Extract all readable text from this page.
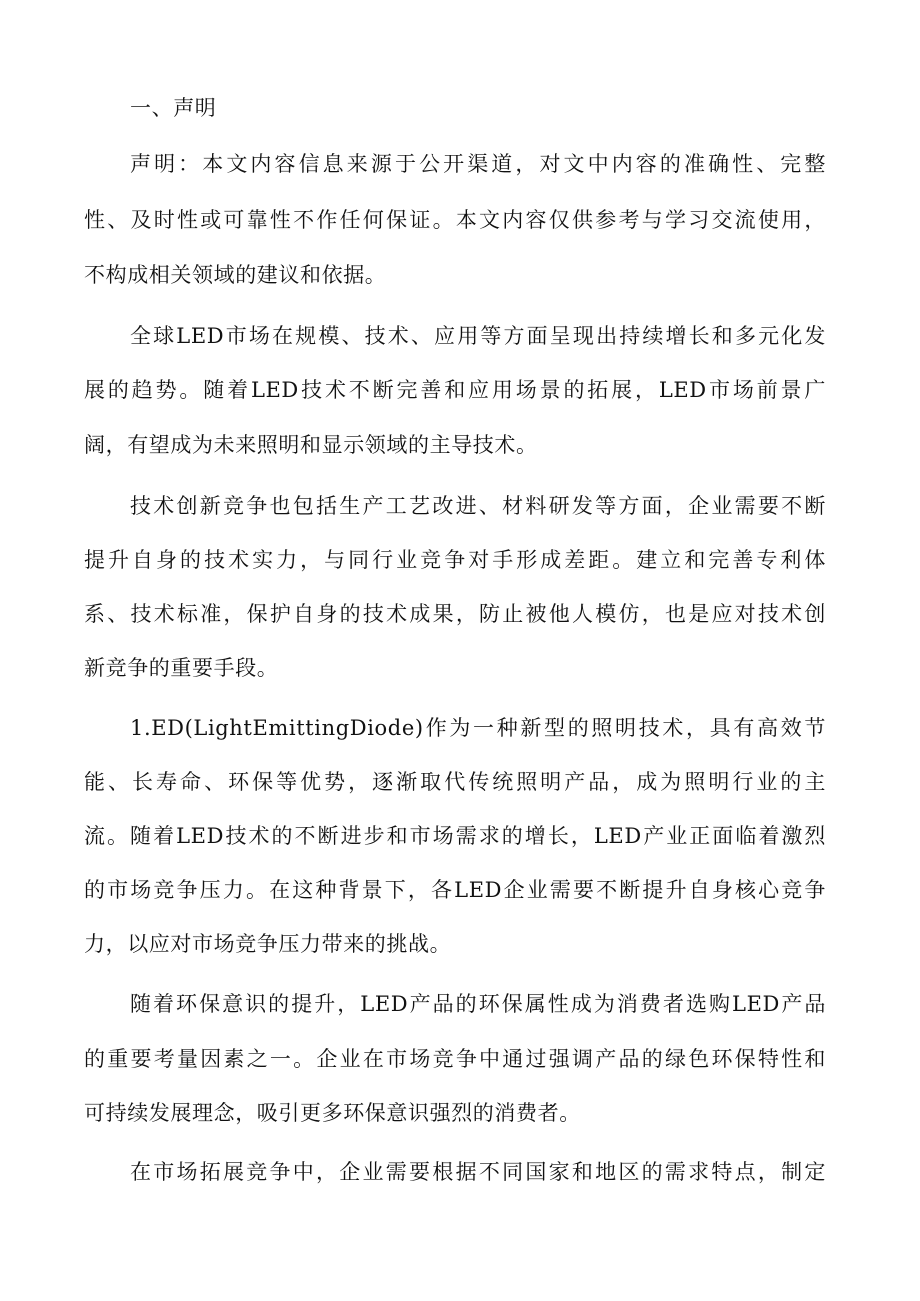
一、声明
声明：本文内容信息来源于公开渠道，对文中内容的准确性、完整
性、及时性或可靠性不作任何保证。本文内容仅供参考与学习交流使用，
不构成相关领域的建议和依据。
全球LED市场在规模、技术、应用等方面呈现出持续增长和多元化发
展的趋势。随着LED技术不断完善和应用场景的拓展，LED市场前景广
阔，有望成为未来照明和显示领域的主导技术。
技术创新竞争也包括生产工艺改进、材料研发等方面，企业需要不断
提升自身的技术实力，与同行业竞争对手形成差距。建立和完善专利体
系、技术标准，保护自身的技术成果，防止被他人模仿，也是应对技术创
新竞争的重要手段。
1.ED(LightEmittingDiode)作为一种新型的照明技术，具有高效节
能、长寿命、环保等优势，逐渐取代传统照明产品，成为照明行业的主
流。随着LED技术的不断进步和市场需求的增长，LED产业正面临着激烈
的市场竞争压力。在这种背景下，各LED企业需要不断提升自身核心竞争
力，以应对市场竞争压力带来的挑战。
随着环保意识的提升，LED产品的环保属性成为消费者选购LED产品
的重要考量因素之一。企业在市场竞争中通过强调产品的绿色环保特性和
可持续发展理念，吸引更多环保意识强烈的消费者。
在市场拓展竞争中，企业需要根据不同国家和地区的需求特点，制定
